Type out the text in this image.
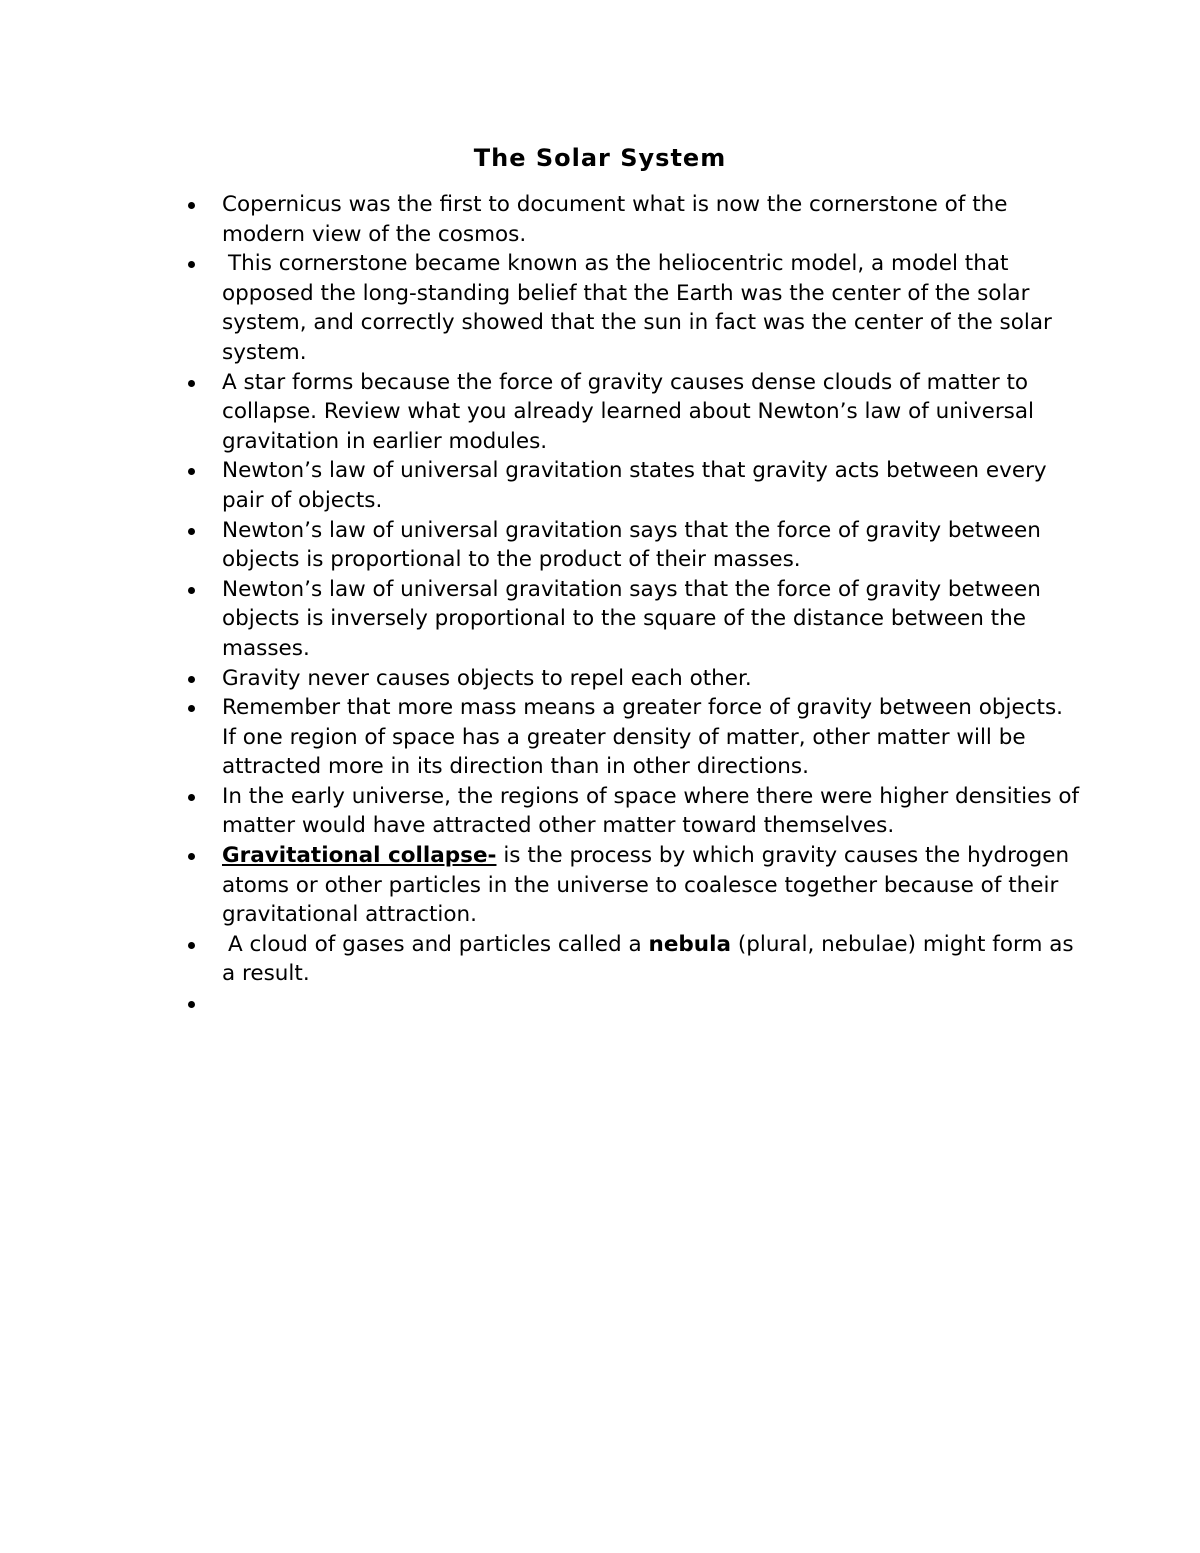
The Solar System
Copernicus was the first to document what is now the cornerstone of the modern view of the cosmos.
This cornerstone became known as the heliocentric model, a model that opposed the long-standing belief that the Earth was the center of the solar system, and correctly showed that the sun in fact was the center of the solar system.
A star forms because the force of gravity causes dense clouds of matter to collapse. Review what you already learned about Newton’s law of universal gravitation in earlier modules.
Newton’s law of universal gravitation states that gravity acts between every pair of objects.
Newton’s law of universal gravitation says that the force of gravity between objects is proportional to the product of their masses.
Newton’s law of universal gravitation says that the force of gravity between objects is inversely proportional to the square of the distance between the masses.
Gravity never causes objects to repel each other.
Remember that more mass means a greater force of gravity between objects. If one region of space has a greater density of matter, other matter will be attracted more in its direction than in other directions.
In the early universe, the regions of space where there were higher densities of matter would have attracted other matter toward themselves.
Gravitational collapse- is the process by which gravity causes the hydrogen atoms or other particles in the universe to coalesce together because of their gravitational attraction.
A cloud of gases and particles called a nebula (plural, nebulae) might form as a result.
